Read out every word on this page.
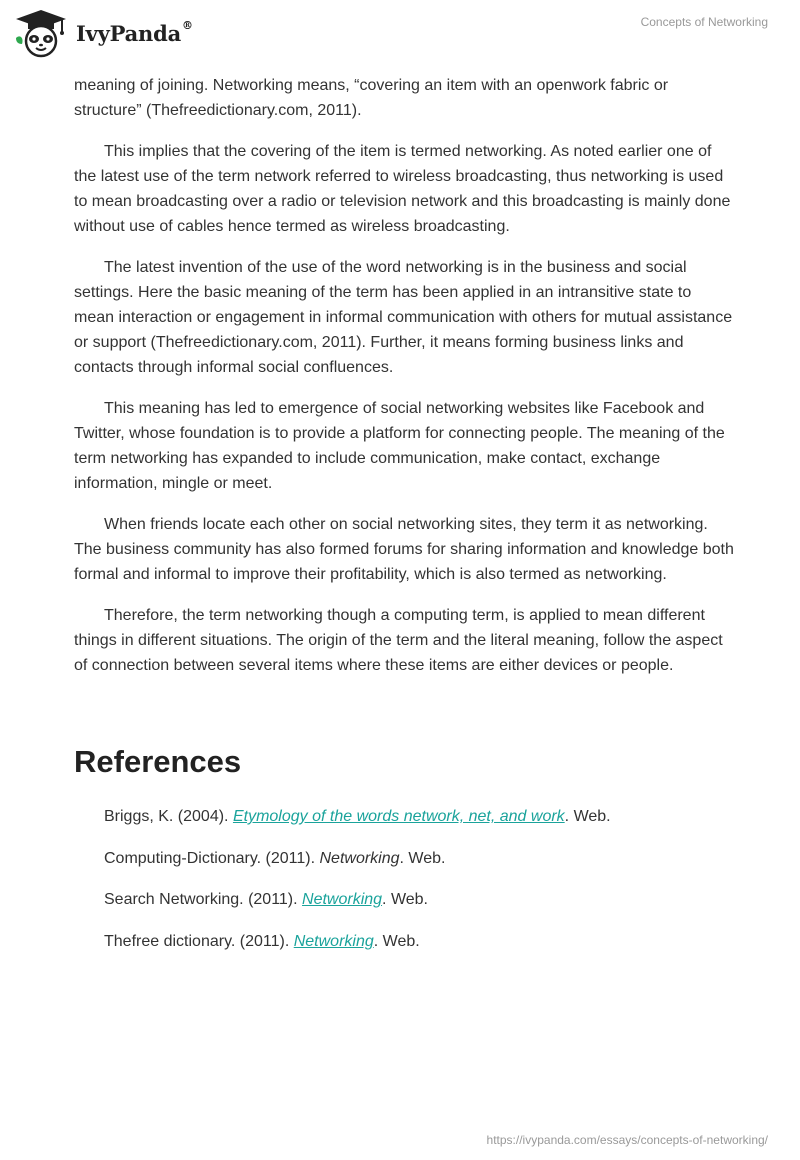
IvyPanda®	Concepts of Networking

meaning of joining. Networking means, “covering an item with an openwork fabric or structure” (Thefreedictionary.com, 2011).

This implies that the covering of the item is termed networking. As noted earlier one of the latest use of the term network referred to wireless broadcasting, thus networking is used to mean broadcasting over a radio or television network and this broadcasting is mainly done without use of cables hence termed as wireless broadcasting.

The latest invention of the use of the word networking is in the business and social settings. Here the basic meaning of the term has been applied in an intransitive state to mean interaction or engagement in informal communication with others for mutual assistance or support (Thefreedictionary.com, 2011). Further, it means forming business links and contacts through informal social confluences.

This meaning has led to emergence of social networking websites like Facebook and Twitter, whose foundation is to provide a platform for connecting people. The meaning of the term networking has expanded to include communication, make contact, exchange information, mingle or meet.

When friends locate each other on social networking sites, they term it as networking. The business community has also formed forums for sharing information and knowledge both formal and informal to improve their profitability, which is also termed as networking.

Therefore, the term networking though a computing term, is applied to mean different things in different situations. The origin of the term and the literal meaning, follow the aspect of connection between several items where these items are either devices or people.

References
Briggs, K. (2004). Etymology of the words network, net, and work. Web.
Computing-Dictionary. (2011). Networking. Web.
Search Networking. (2011). Networking. Web.
Thefree dictionary. (2011). Networking. Web.
https://ivypanda.com/essays/concepts-of-networking/
